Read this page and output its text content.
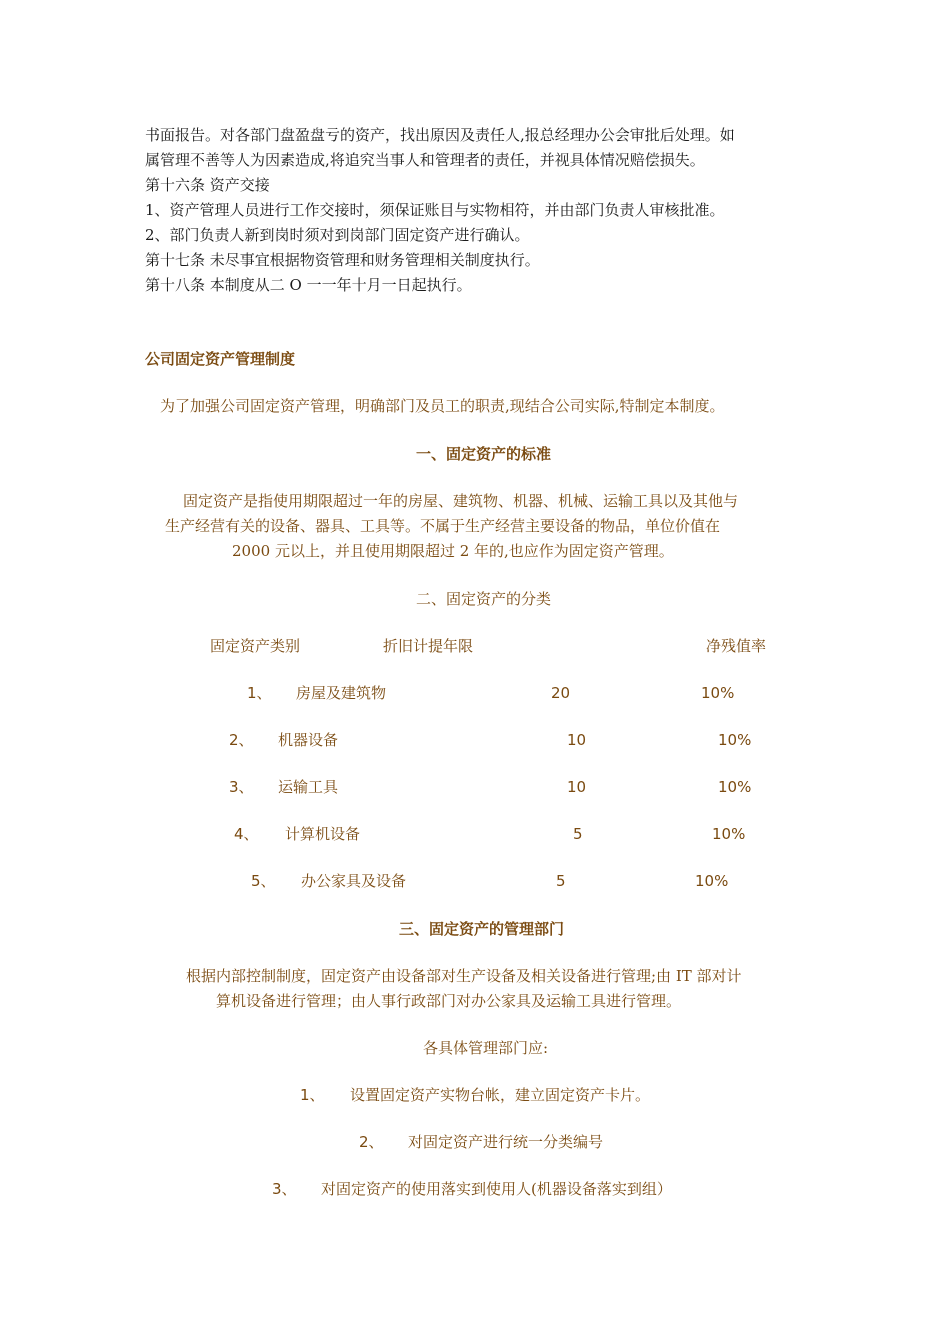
书面报告。对各部门盘盈盘亏的资产，找出原因及责任人,报总经理办公会审批后处理。如
属管理不善等人为因素造成,将追究当事人和管理者的责任，并视具体情况赔偿损失。
第十六条 资产交接
1、资产管理人员进行工作交接时，须保证账目与实物相符，并由部门负责人审核批准。
2、部门负责人新到岗时须对到岗部门固定资产进行确认。
第十七条 未尽事宜根据物资管理和财务管理相关制度执行。
第十八条 本制度从二 O 一一年十月一日起执行。
公司固定资产管理制度
为了加强公司固定资产管理，明确部门及员工的职责,现结合公司实际,特制定本制度。
一、固定资产的标准
固定资产是指使用期限超过一年的房屋、建筑物、机器、机械、运输工具以及其他与
生产经营有关的设备、器具、工具等。不属于生产经营主要设备的物品，单位价值在
2000 元以上，并且使用期限超过 2 年的,也应作为固定资产管理。
二、固定资产的分类
固定资产类别	折旧计提年限	净残值率
1、 房屋及建筑物	20	10%
2、 机器设备	10	10%
3、 运输工具	10	10%
4、 计算机设备	5	10%
5、 办公家具及设备	5	10%
三、固定资产的管理部门
根据内部控制制度，固定资产由设备部对生产设备及相关设备进行管理;由 IT 部对计
算机设备进行管理；由人事行政部门对办公家具及运输工具进行管理。
各具体管理部门应:
1、 设置固定资产实物台帐，建立固定资产卡片。
2、 对固定资产进行统一分类编号
3、 对固定资产的使用落实到使用人(机器设备落实到组）
